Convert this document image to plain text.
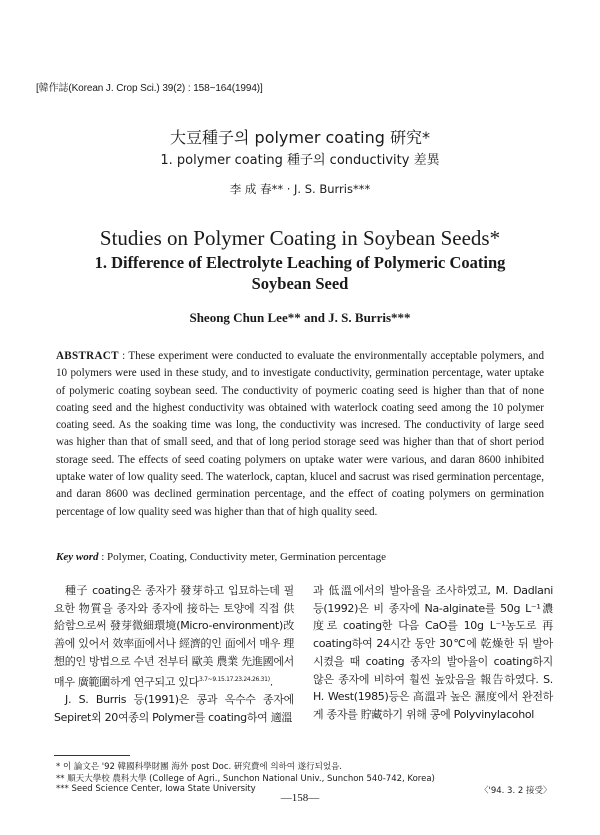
[韓作誌(Korean J. Crop Sci.) 39(2) : 158~164(1994)]
大豆種子의 polymer coating 硏究*
1. polymer coating 種子의 conductivity 差異
李 成 春** · J. S. Burris***
Studies on Polymer Coating in Soybean Seeds*
1. Difference of Electrolyte Leaching of Polymeric Coating
Soybean Seed
Sheong Chun Lee** and J. S. Burris***
ABSTRACT : These experiment were conducted to evaluate the environmentally acceptable polymers, and 10 polymers were used in these study, and to investigate conductivity, germination percentage, water uptake of polymeric coating soybean seed. The conductivity of poymeric coating seed is higher than that of none coating seed and the highest conductivity was obtained with waterlock coating seed among the 10 polymer coating seed. As the soaking time was long, the conductivity was incresed. The conductivity of large seed was higher than that of small seed, and that of long period storage seed was higher than that of short period storage seed. The effects of seed coating polymers on uptake water were various, and daran 8600 inhibited uptake water of low quality seed. The waterlock, captan, klucel and sacrust was rised germination percentage, and daran 8600 was declined germination percentage, and the effect of coating polymers on germination percentage of low quality seed was higher than that of high quality seed.
Key word : Polymer, Coating, Conductivity meter, Germination percentage

種子 coating은 종자가 發芽하고 입묘하는데 필요한 物質을 종자와 종자에 接하는 토양에 직접 供給함으로써 發芽微細環境(Micro-environment)改善에 있어서 效率面에서나 經濟的인 面에서 매우 理想的인 방법으로 수년 전부터 歐美 農業 先進國에서 매우 廣範圍하게 연구되고 있다$^{3.7\sim 9.15.17.23.24.26.31)}$.

J. S. Burris 등(1991)은 콩과 옥수수 종자에 Sepiret외 20여종의 Polymer를 coating하여 適溫

과 低溫에서의 발아율을 조사하였고, M. Dadlani 등(1992)은 비 종자에 Na-alginate를 50g L⁻¹濃度로 coating한 다음 CaO를 10g L⁻¹농도로 再 coating하여 24시간 동안 30℃에 乾燥한 뒤 발아시켰을 때 coating 종자의 발아율이 coating하지 않은 종자에 비하여 훨씬 높았음을 報告하였다. S. H. West(1985)등은 高溫과 높은 濕度에서 완전하게 종자를 貯藏하기 위해 콩에 Polyvinylacohol

* 이 論文은 '92 韓國科學財團 海外 post Doc. 硏究費에 의하여 遂行되었음.
** 順天大學校 農科大學 (College of Agri., Sunchon National Univ., Sunchon 540-742, Korea)
*** Seed Science Center, Iowa State University	〈'94. 3. 2 接受〉
—158—
